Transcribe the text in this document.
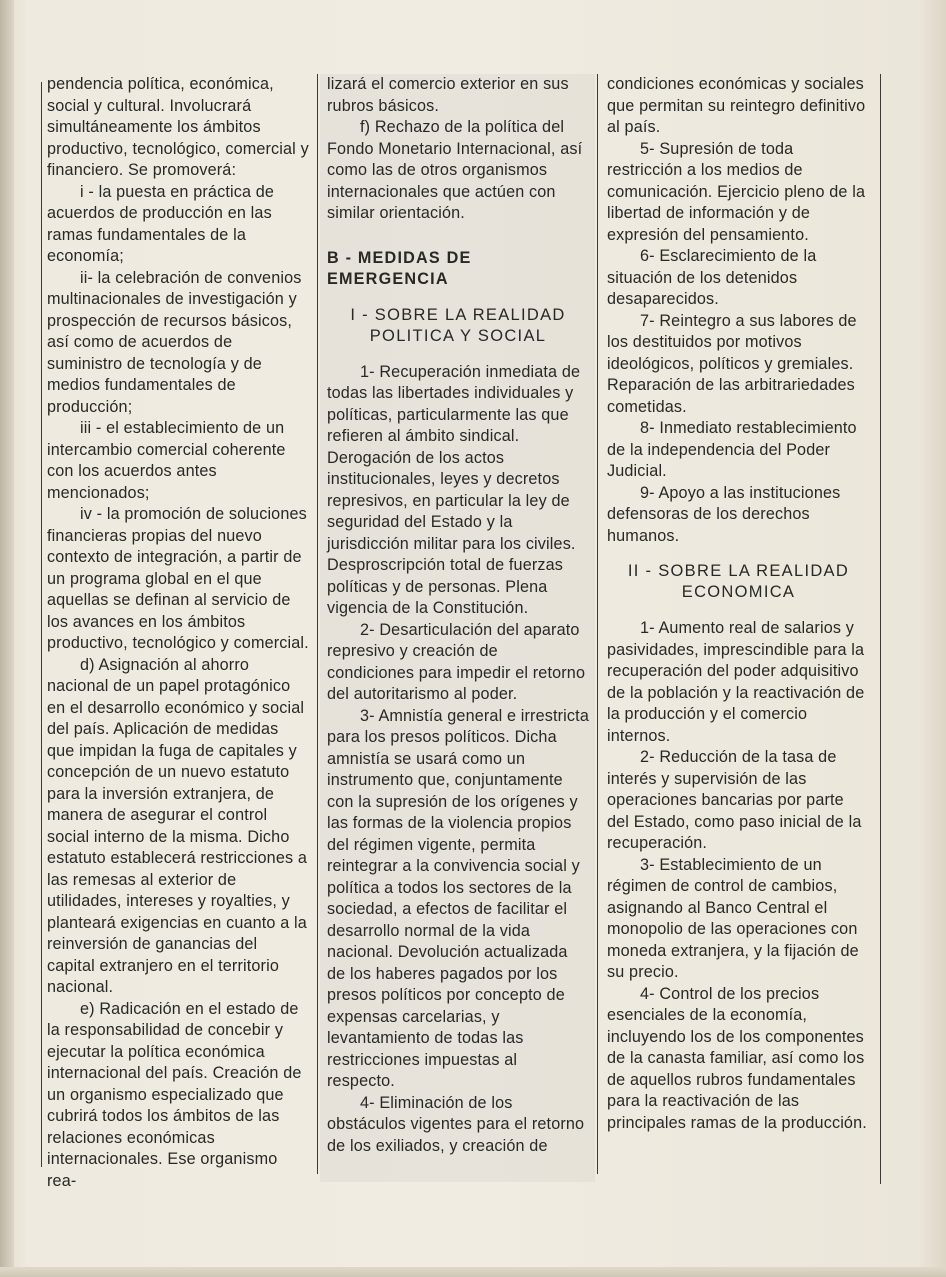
pendencia política, económica, social y cultural. Involucrará simultáneamente los ámbitos productivo, tecnológico, comercial y financiero. Se promoverá:

i - la puesta en práctica de acuerdos de producción en las ramas fundamentales de la economía;

ii- la celebración de convenios multinacionales de investigación y prospección de recursos básicos, así como de acuerdos de suministro de tecnología y de medios fundamentales de producción;

iii - el establecimiento de un intercambio comercial coherente con los acuerdos antes mencionados;

iv - la promoción de soluciones financieras propias del nuevo contexto de integración, a partir de un programa global en el que aquellas se definan al servicio de los avances en los ámbitos productivo, tecnológico y comercial.

d) Asignación al ahorro nacional de un papel protagónico en el desarrollo económico y social del país. Aplicación de medidas que impidan la fuga de capitales y concepción de un nuevo estatuto para la inversión extranjera, de manera de asegurar el control social interno de la misma. Dicho estatuto establecerá restricciones a las remesas al exterior de utilidades, intereses y royalties, y planteará exigencias en cuanto a la reinversión de ganancias del capital extranjero en el territorio nacional.

e) Radicación en el estado de la responsabilidad de concebir y ejecutar la política económica internacional del país. Creación de un organismo especializado que cubrirá todos los ámbitos de las relaciones económicas internacionales. Ese organismo rea-

lizará el comercio exterior en sus rubros básicos.

f) Rechazo de la política del Fondo Monetario Internacional, así como las de otros organismos internacionales que actúen con similar orientación.

B - MEDIDAS DE EMERGENCIA

I - SOBRE LA REALIDAD POLITICA Y SOCIAL

1- Recuperación inmediata de todas las libertades individuales y políticas, particularmente las que refieren al ámbito sindical. Derogación de los actos institucionales, leyes y decretos represivos, en particular la ley de seguridad del Estado y la jurisdicción militar para los civiles. Desproscripción total de fuerzas políticas y de personas. Plena vigencia de la Constitución.

2- Desarticulación del aparato represivo y creación de condiciones para impedir el retorno del autoritarismo al poder.

3- Amnistía general e irrestricta para los presos políticos. Dicha amnistía se usará como un instrumento que, conjuntamente con la supresión de los orígenes y las formas de la violencia propios del régimen vigente, permita reintegrar a la convivencia social y política a todos los sectores de la sociedad, a efectos de facilitar el desarrollo normal de la vida nacional. Devolución actualizada de los haberes pagados por los presos políticos por concepto de expensas carcelarias, y levantamiento de todas las restricciones impuestas al respecto.

4- Eliminación de los obstáculos vigentes para el retorno de los exiliados, y creación de

condiciones económicas y sociales que permitan su reintegro definitivo al país.

5- Supresión de toda restricción a los medios de comunicación. Ejercicio pleno de la libertad de información y de expresión del pensamiento.

6- Esclarecimiento de la situación de los detenidos desaparecidos.

7- Reintegro a sus labores de los destituidos por motivos ideológicos, políticos y gremiales. Reparación de las arbitrariedades cometidas.

8- Inmediato restablecimiento de la independencia del Poder Judicial.

9- Apoyo a las instituciones defensoras de los derechos humanos.

II - SOBRE LA REALIDAD ECONOMICA

1- Aumento real de salarios y pasividades, imprescindible para la recuperación del poder adquisitivo de la población y la reactivación de la producción y el comercio internos.

2- Reducción de la tasa de interés y supervisión de las operaciones bancarias por parte del Estado, como paso inicial de la recuperación.

3- Establecimiento de un régimen de control de cambios, asignando al Banco Central el monopolio de las operaciones con moneda extranjera, y la fijación de su precio.

4- Control de los precios esenciales de la economía, incluyendo los de los componentes de la canasta familiar, así como los de aquellos rubros fundamentales para la reactivación de las principales ramas de la producción.
